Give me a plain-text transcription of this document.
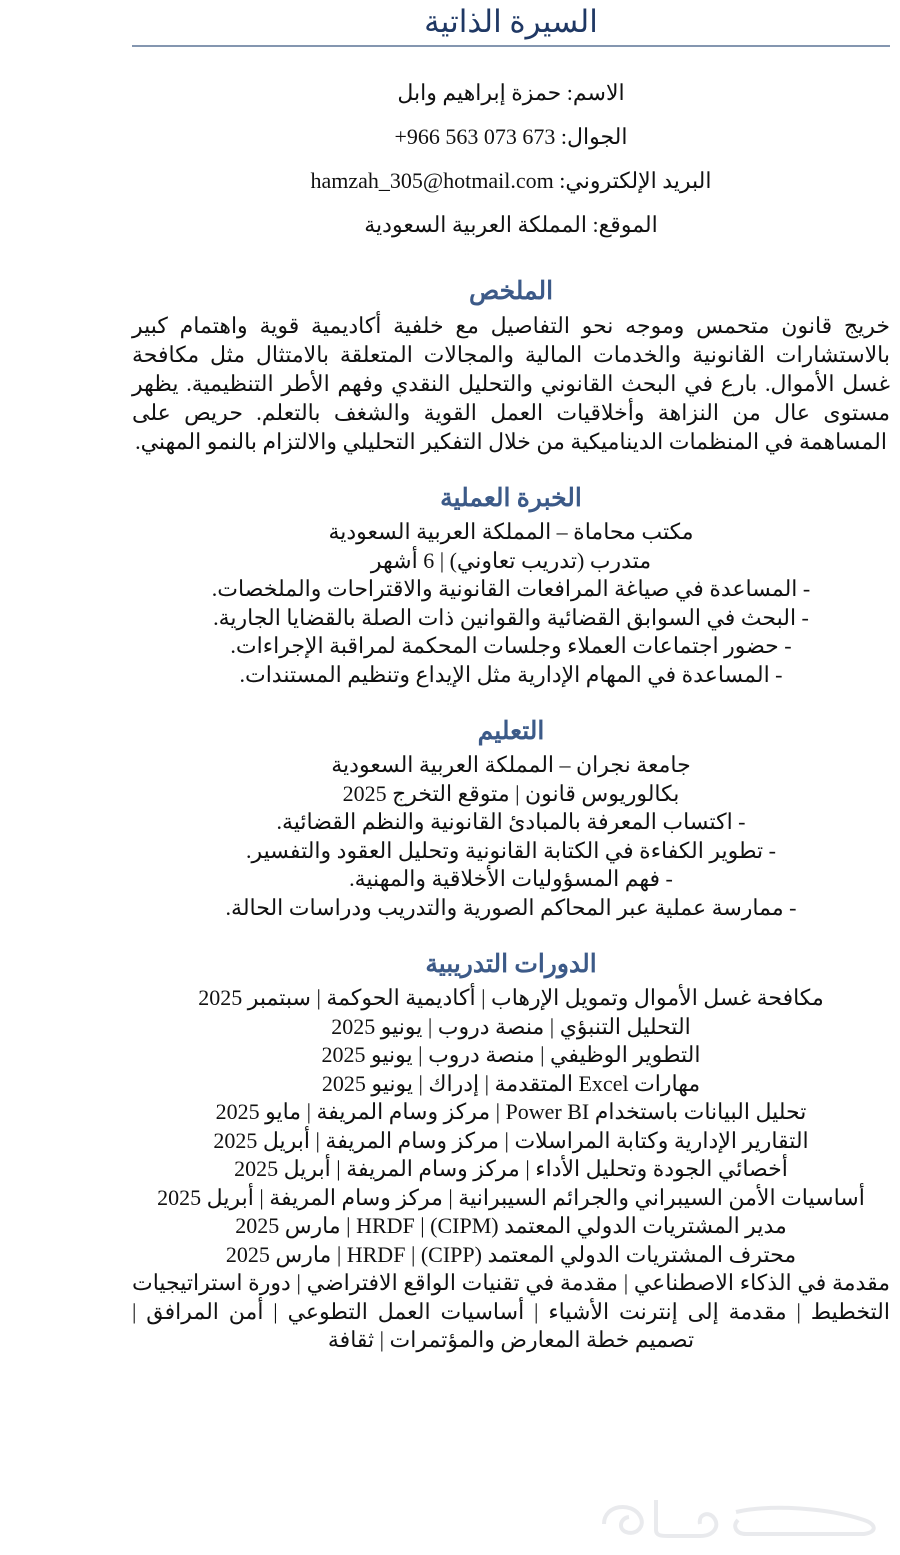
السيرة الذاتية
الاسم: حمزة إبراهيم وابل
الجوال: +966 563 073 673
البريد الإلكتروني: hamzah_305@hotmail.com
الموقع: المملكة العربية السعودية
الملخص

خريج قانون متحمس وموجه نحو التفاصيل مع خلفية أكاديمية قوية واهتمام كبير بالاستشارات القانونية والخدمات المالية والمجالات المتعلقة بالامتثال مثل مكافحة غسل الأموال. بارع في البحث القانوني والتحليل النقدي وفهم الأطر التنظيمية. يظهر مستوى عال من النزاهة وأخلاقيات العمل القوية والشغف بالتعلم. حريص على المساهمة في المنظمات الديناميكية من خلال التفكير التحليلي والالتزام بالنمو المهني.

الخبرة العملية
مكتب محاماة – المملكة العربية السعودية
متدرب (تدريب تعاوني) | 6 أشهر
- المساعدة في صياغة المرافعات القانونية والاقتراحات والملخصات.
- البحث في السوابق القضائية والقوانين ذات الصلة بالقضايا الجارية.
- حضور اجتماعات العملاء وجلسات المحكمة لمراقبة الإجراءات.
- المساعدة في المهام الإدارية مثل الإيداع وتنظيم المستندات.
التعليم
جامعة نجران – المملكة العربية السعودية
بكالوريوس قانون | متوقع التخرج 2025
- اكتساب المعرفة بالمبادئ القانونية والنظم القضائية.
- تطوير الكفاءة في الكتابة القانونية وتحليل العقود والتفسير.
- فهم المسؤوليات الأخلاقية والمهنية.
- ممارسة عملية عبر المحاكم الصورية والتدريب ودراسات الحالة.
الدورات التدريبية
مكافحة غسل الأموال وتمويل الإرهاب | أكاديمية الحوكمة | سبتمبر 2025
التحليل التنبؤي | منصة دروب | يونيو 2025
التطوير الوظيفي | منصة دروب | يونيو 2025
مهارات Excel المتقدمة | إدراك | يونيو 2025
تحليل البيانات باستخدام Power BI | مركز وسام المريفة | مايو 2025
التقارير الإدارية وكتابة المراسلات | مركز وسام المريفة | أبريل 2025
أخصائي الجودة وتحليل الأداء | مركز وسام المريفة | أبريل 2025
أساسيات الأمن السيبراني والجرائم السيبرانية | مركز وسام المريفة | أبريل 2025
مدير المشتريات الدولي المعتمد (CIPM) | HRDF | مارس 2025
محترف المشتريات الدولي المعتمد (CIPP) | HRDF | مارس 2025
مقدمة في الذكاء الاصطناعي | مقدمة في تقنيات الواقع الافتراضي | دورة استراتيجيات التخطيط | مقدمة إلى إنترنت الأشياء | أساسيات العمل التطوعي | أمن المرافق | تصميم خطة المعارض والمؤتمرات | ثقافة
